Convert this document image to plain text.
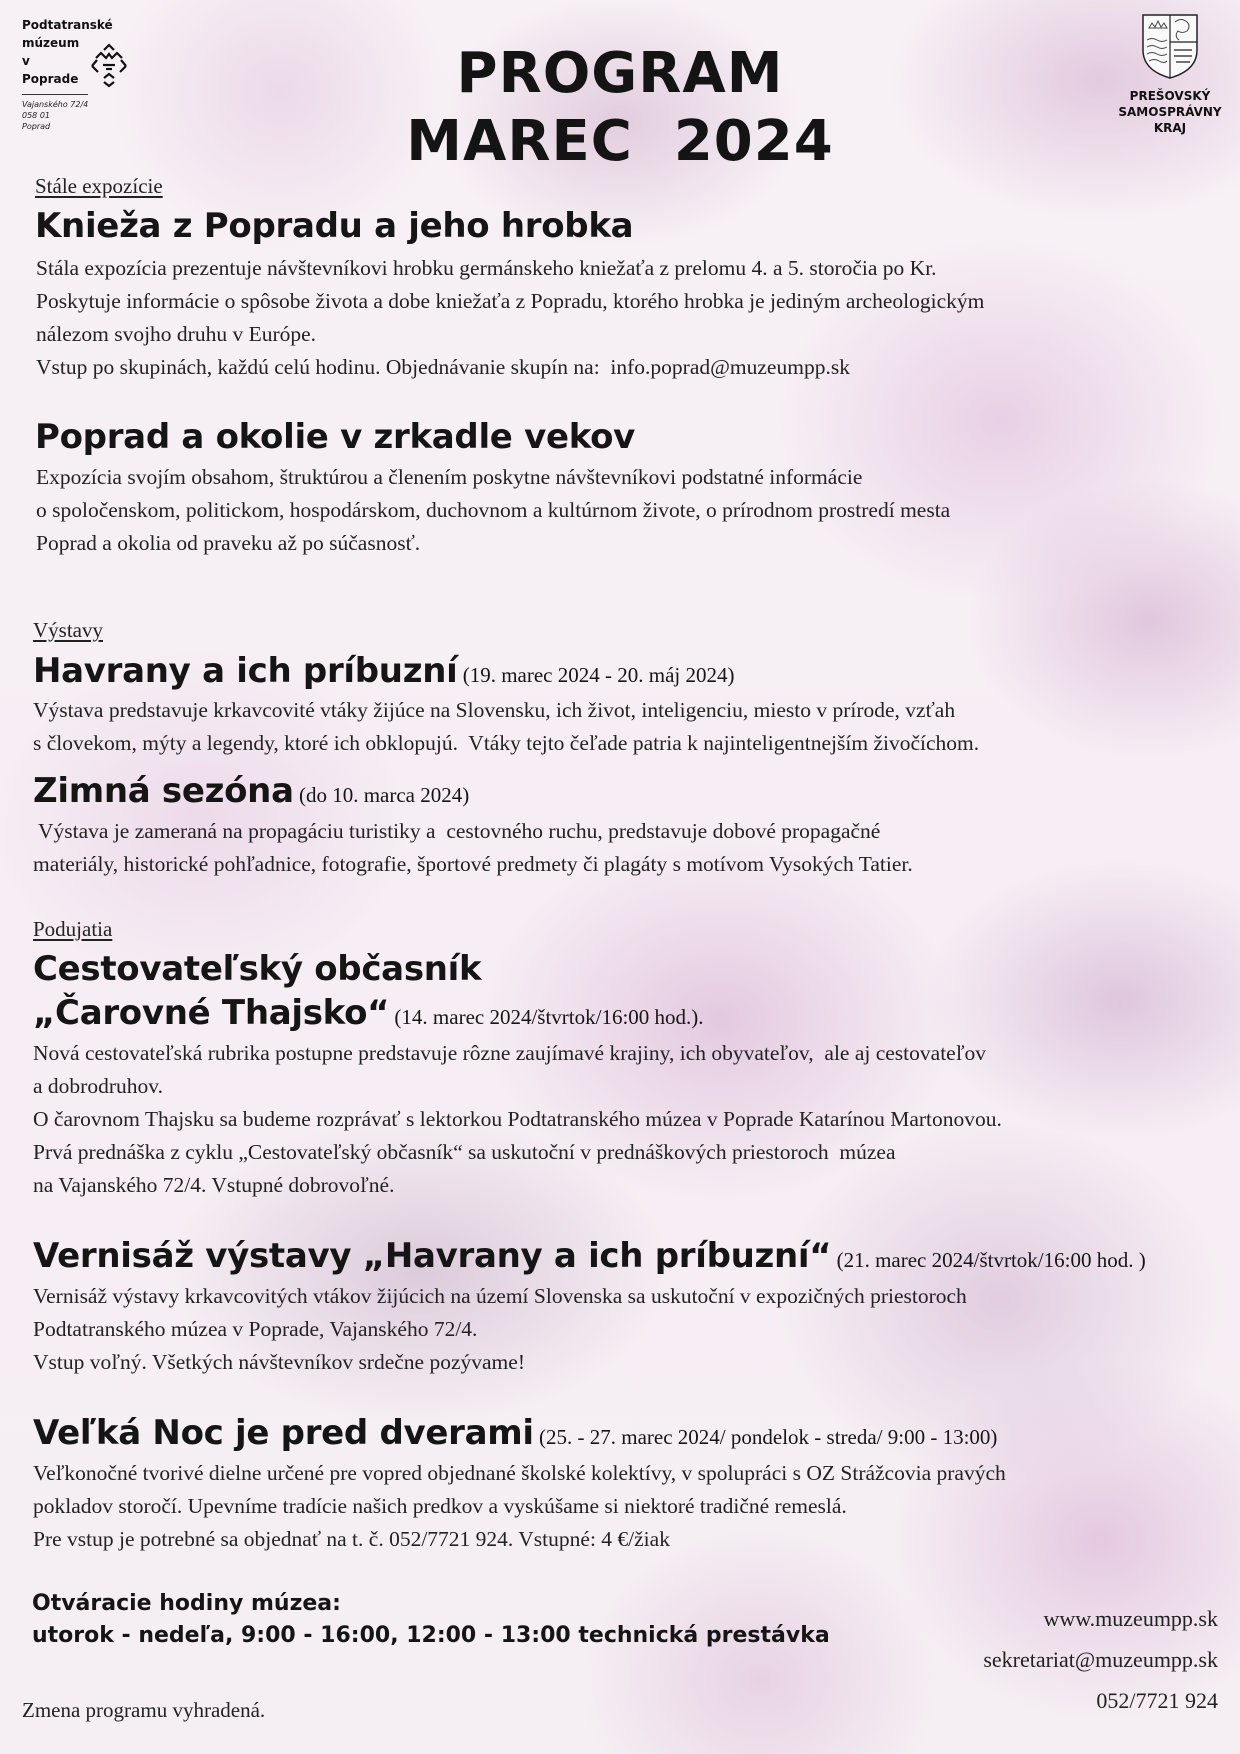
Podtatranské
múzeum
v
Poprade
Vajanského 72/4
058 01
Poprad
PROGRAM
MAREC  2024
PREŠOVSKÝ
SAMOSPRÁVNY
KRAJ
Stále expozície
Knieža z Popradu a jeho hrobka
Stála expozícia prezentuje návštevníkovi hrobku germánskeho kniežaťa z prelomu 4. a 5. storočia po Kr.
Poskytuje informácie o spôsobe života a dobe kniežaťa z Popradu, ktorého hrobka je jediným archeologickým
nálezom svojho druhu v Európe.
Vstup po skupinách, každú celú hodinu. Objednávanie skupín na:  info.poprad@muzeumpp.sk
Poprad a okolie v zrkadle vekov
Expozícia svojím obsahom, štruktúrou a členením poskytne návštevníkovi podstatné informácie
o spoločenskom, politickom, hospodárskom, duchovnom a kultúrnom živote, o prírodnom prostredí mesta
Poprad a okolia od praveku až po súčasnosť.
Výstavy
Havrany a ich príbuzní (19. marec 2024 - 20. máj 2024)
Výstava predstavuje krkavcovité vtáky žijúce na Slovensku, ich život, inteligenciu, miesto v prírode, vzťah
s človekom, mýty a legendy, ktoré ich obklopujú.  Vtáky tejto čeľade patria k najinteligentnejším živočíchom.
Zimná sezóna (do 10. marca 2024)
Výstava je zameraná na propagáciu turistiky a  cestovného ruchu, predstavuje dobové propagačné
materiály, historické pohľadnice, fotografie, športové predmety či plagáty s motívom Vysokých Tatier.
Podujatia
Cestovateľský občasník
„Čarovné Thajsko“ (14. marec 2024/štvrtok/16:00 hod.).
Nová cestovateľská rubrika postupne predstavuje rôzne zaujímavé krajiny, ich obyvateľov,  ale aj cestovateľov
a dobrodruhov.
O čarovnom Thajsku sa budeme rozprávať s lektorkou Podtatranského múzea v Poprade Katarínou Martonovou.
Prvá prednáška z cyklu „Cestovateľský občasník“ sa uskutoční v prednáškových priestoroch  múzea
na Vajanského 72/4. Vstupné dobrovoľné.
Vernisáž výstavy „Havrany a ich príbuzní“ (21. marec 2024/štvrtok/16:00 hod. )
Vernisáž výstavy krkavcovitých vtákov žijúcich na území Slovenska sa uskutoční v expozičných priestoroch
Podtatranského múzea v Poprade, Vajanského 72/4.
Vstup voľný. Všetkých návštevníkov srdečne pozývame!
Veľká Noc je pred dverami (25. - 27. marec 2024/ pondelok - streda/ 9:00 - 13:00)
Veľkonočné tvorivé dielne určené pre vopred objednané školské kolektívy, v spolupráci s OZ Strážcovia pravých
pokladov storočí. Upevníme tradície našich predkov a vyskúšame si niektoré tradičné remeslá.
Pre vstup je potrebné sa objednať na t. č. 052/7721 924. Vstupné: 4 €/žiak
Otváracie hodiny múzea:
utorok - nedeľa, 9:00 - 16:00, 12:00 - 13:00 technická prestávka
www.muzeumpp.sk
sekretariat@muzeumpp.sk
052/7721 924
Zmena programu vyhradená.
